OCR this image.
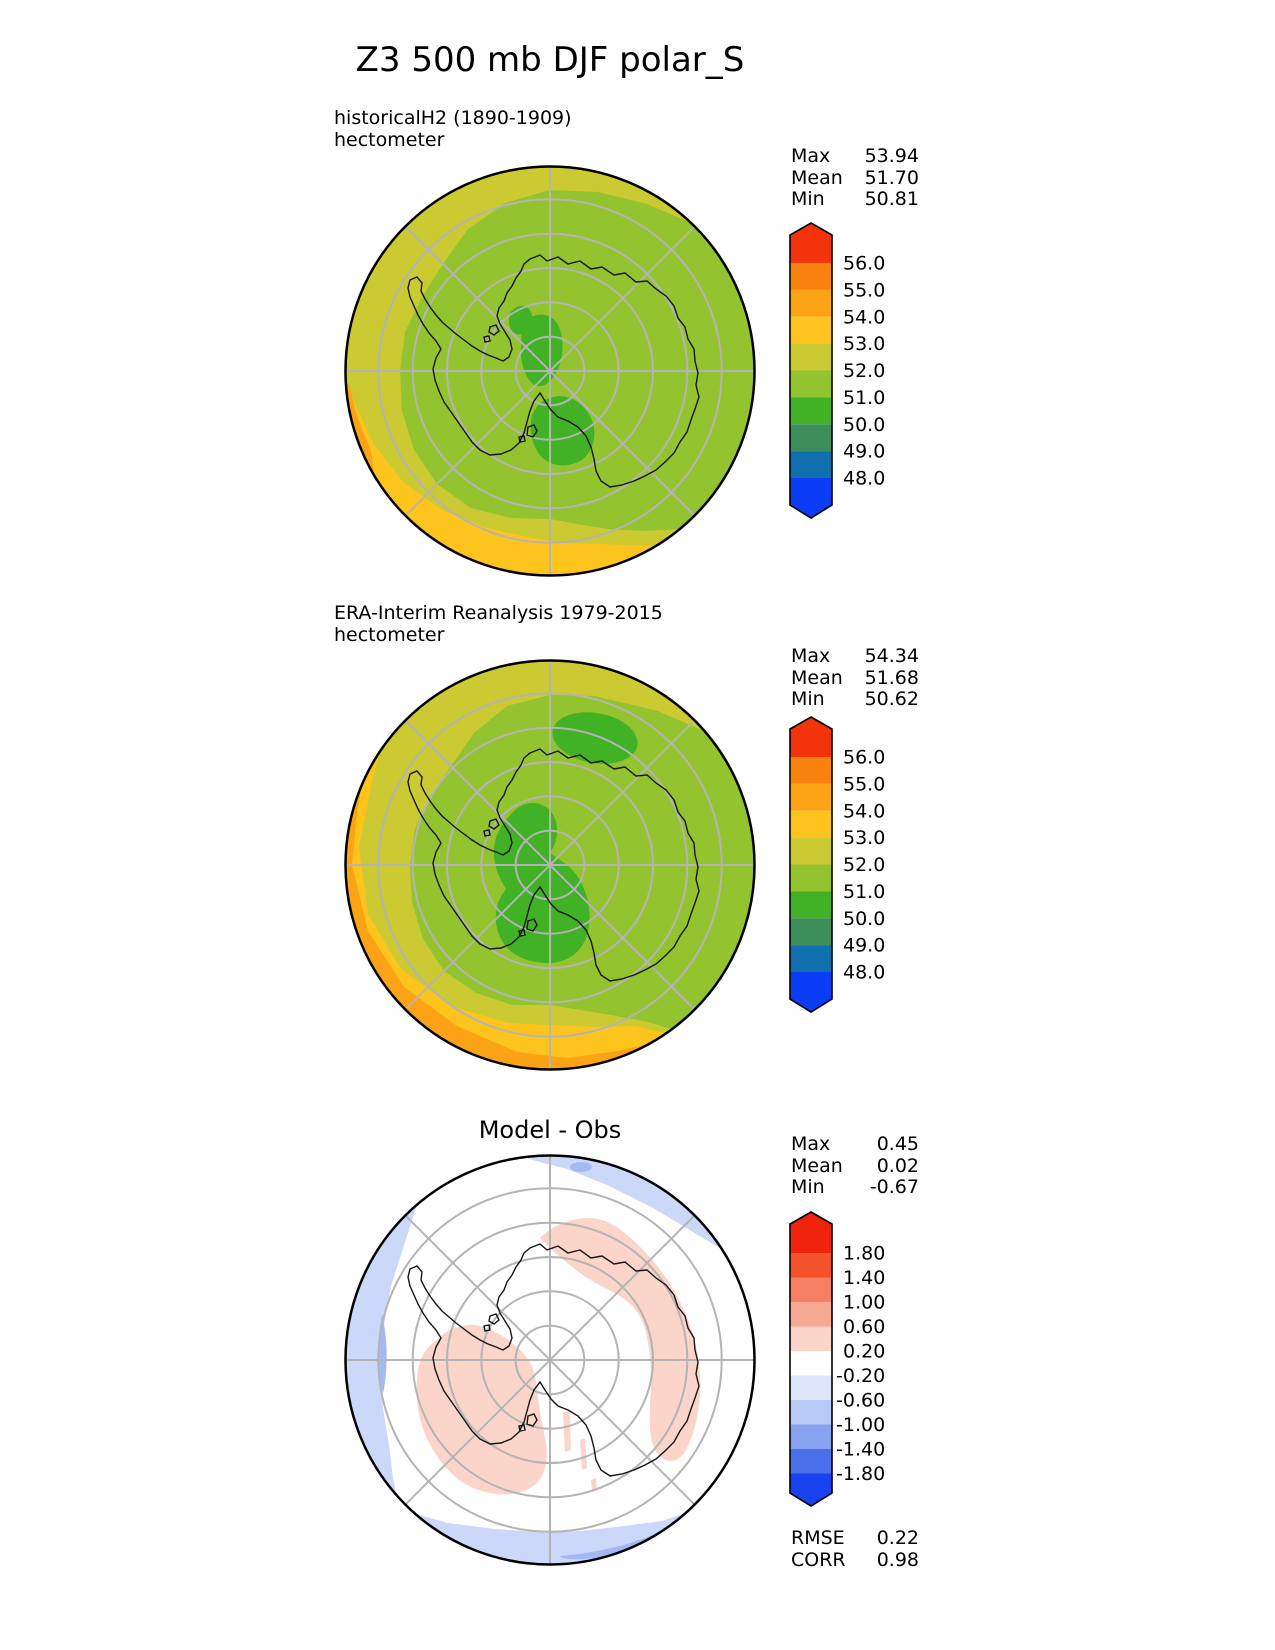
Z3 500 mb DJF polar_S
historicalH2 (1890-1909)
hectometer
Max 53.94
Mean 51.70
Min 50.81
56.0
55.0
54.0
53.0
52.0
51.0
50.0
49.0
48.0
ERA-Interim Reanalysis 1979-2015
hectometer
Max 54.34
Mean 51.68
Min 50.62
56.0
55.0
54.0
53.0
52.0
51.0
50.0
49.0
48.0
Model - Obs	Max 0.45
Mean 0.02
Min -0.67
1.80
1.40
1.00
0.60
0.20
-0.20
-0.60
-1.00
-1.40
-1.80
RMSE 0.22
CORR 0.98
